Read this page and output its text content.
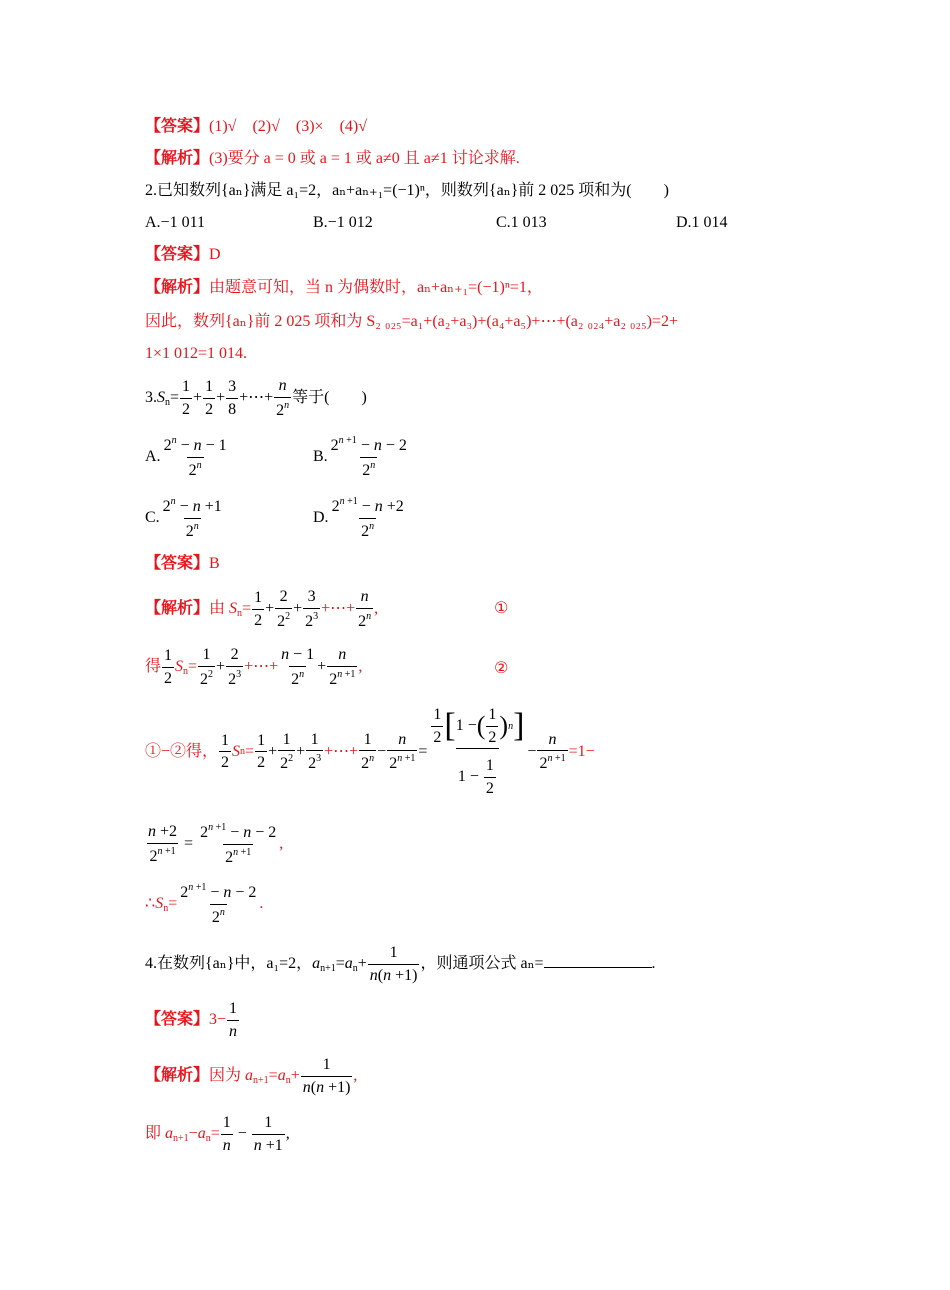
【答案】(1)√　(2)√　(3)×　(4)√
【解析】(3)要分 a = 0 或 a = 1 或 a≠0 且 a≠1 讨论求解.
2.已知数列{aₙ}满足 a₁=2，aₙ+aₙ₊₁=(−1)ⁿ，则数列{aₙ}前 2 025 项和为(　　)
A.−1 011	B.−1 012	C.1 013	D.1 014
【答案】D
【解析】由题意可知，当 n 为偶数时，aₙ+aₙ₊₁=(−1)ⁿ=1，
因此，数列{aₙ}前 2 025 项和为 S₂ ₀₂₅=a₁+(a₂+a₃)+(a₄+a₅)+⋯+(a₂ ₀₂₄+a₂ ₀₂₅)=2+
1×1 012=1 014.
$3.S_n= \frac{1}{2} + \frac{1}{2} + \frac{3}{8}$ +⋯+ $\frac{n}{2^n}$ 等于(　　)
A. $\frac{2^n - n - 1}{2^n}$	B. $\frac{2^{n +1} - n - 2}{2^n}$
C. $\frac{2^n - n +1}{2^n}$	D. $\frac{2^{n +1} - n +2}{2^n}$
【答案】B
【解析】由 $S_n= \frac{1}{2} + \frac{2}{2^2} + \frac{3}{2^3}$ +⋯+ $\frac{n}{2^n}$ ,	①
得 $\frac{1}{2} S_n= \frac{1}{2^2} + \frac{2}{2^3}$ +⋯+ $\frac{n - 1}{2^n} + \frac{n}{2^{n +1}}$ ,	②
①−②得， $\frac{1}{2}$ S $n = \frac{1}{2} + \frac{1}{2^2} + \frac{1}{2^3}$ +⋯+ $\frac{1}{2^n} - \frac{n}{2^{n +1}} = \frac{\frac{1}{2} [ 1 - ( \frac{1}{2} ) n ]}{1 - \frac{1}{2}} - \frac{n}{2^{n +1}} =1-$
$\frac{n +2}{2^{n +1}} = \frac{2^{n +1} - n - 2}{2^{n +1}}$ ,
$\therefore S_n= \frac{2^{n +1} - n - 2}{2^n}$ .
4.在数列{aₙ}中，a₁=2，$a_{n+1}=a_n+ \frac{1}{n(n +1)}$ ，则通项公式 aₙ=	.
【答案】$3- \frac{1}{n}$
【解析】因为 $a_{n+1}=a_n+ \frac{1}{n(n +1)}$ ,
即 $a_{n+1}-a_n= \frac{1}{n} - \frac{1}{n +1}$ ,
